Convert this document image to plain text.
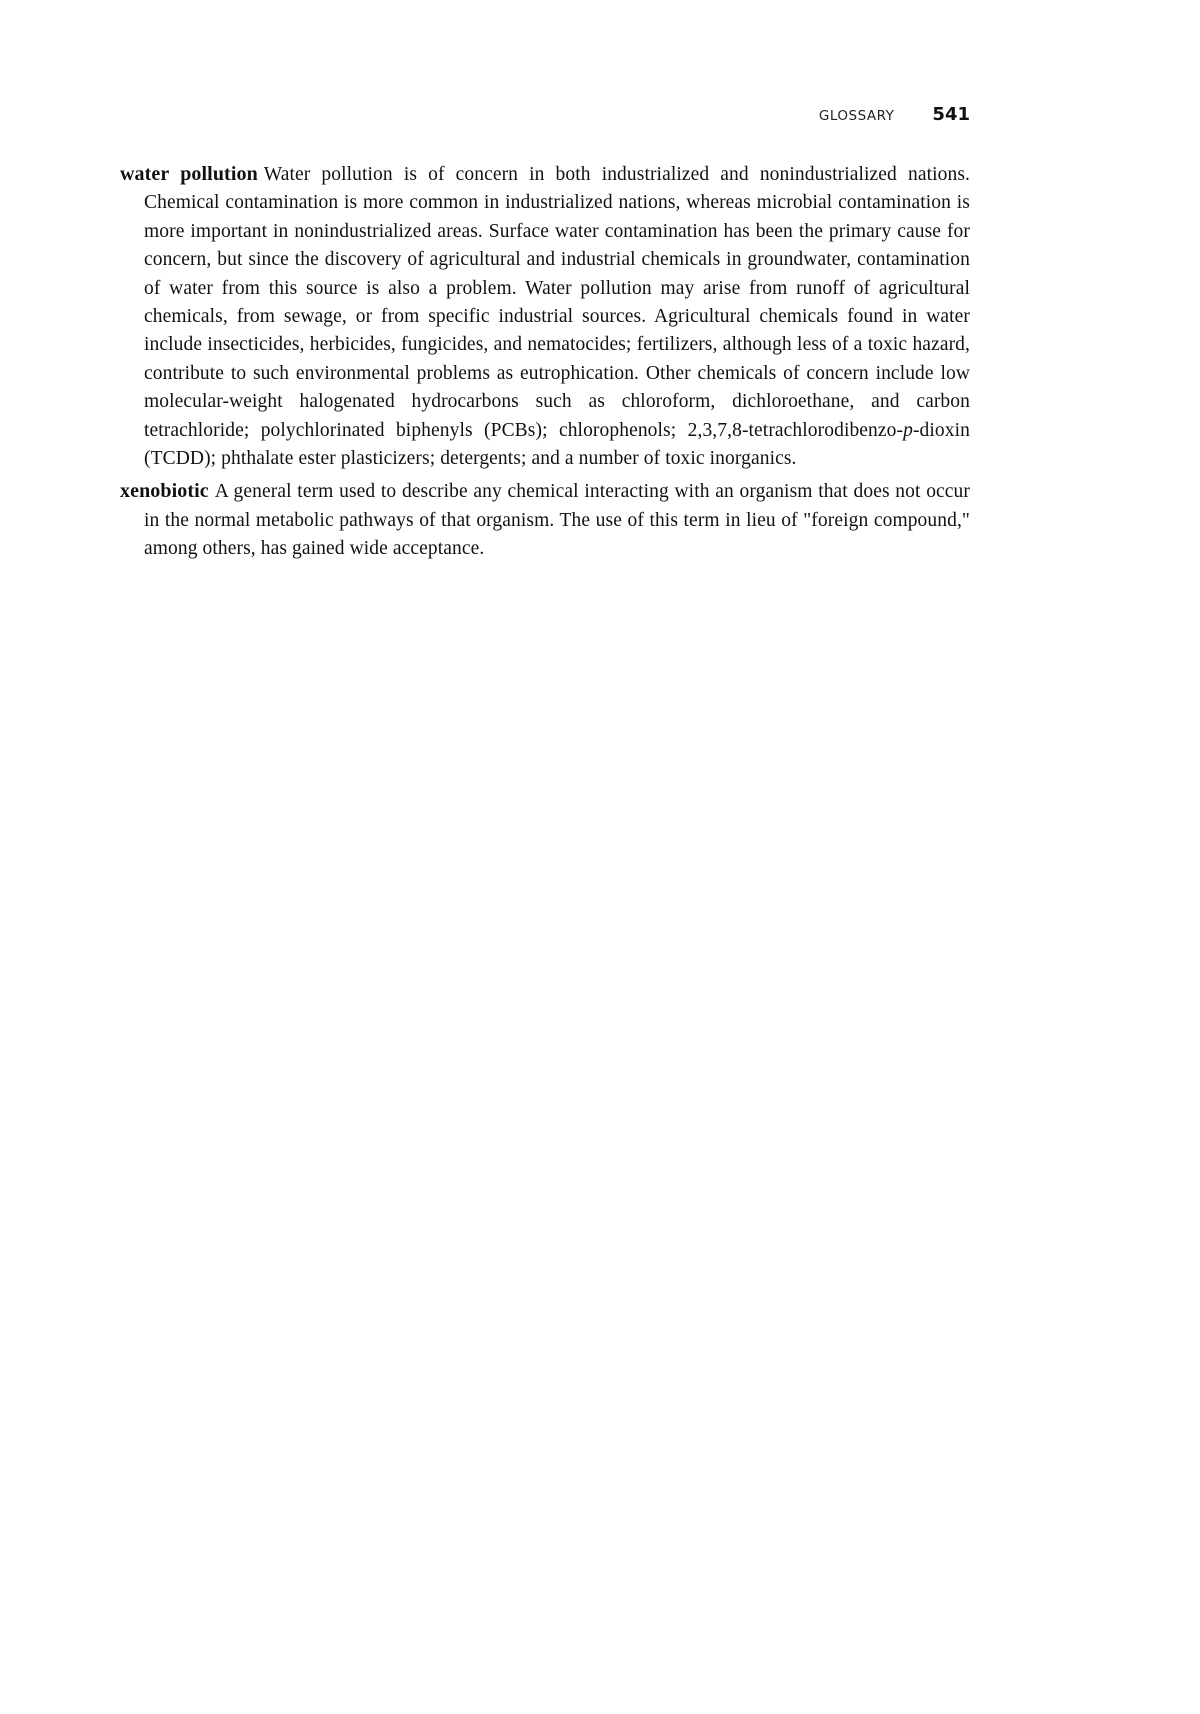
GLOSSARY 541

water pollution Water pollution is of concern in both industrialized and nonindustrialized nations. Chemical contamination is more common in industrialized nations, whereas microbial contamination is more important in nonindustrialized areas. Surface water contamination has been the primary cause for concern, but since the discovery of agricultural and industrial chemicals in groundwater, contamination of water from this source is also a problem. Water pollution may arise from runoff of agricultural chemicals, from sewage, or from specific industrial sources. Agricultural chemicals found in water include insecticides, herbicides, fungicides, and nematocides; fertilizers, although less of a toxic hazard, contribute to such environmental problems as eutrophication. Other chemicals of concern include low molecular-weight halogenated hydrocarbons such as chloroform, dichloroethane, and carbon tetrachloride; polychlorinated biphenyls (PCBs); chlorophenols; 2,3,7,8-tetrachlorodibenzo-p-dioxin (TCDD); phthalate ester plasticizers; detergents; and a number of toxic inorganics.

xenobiotic A general term used to describe any chemical interacting with an organism that does not occur in the normal metabolic pathways of that organism. The use of this term in lieu of "foreign compound," among others, has gained wide acceptance.
